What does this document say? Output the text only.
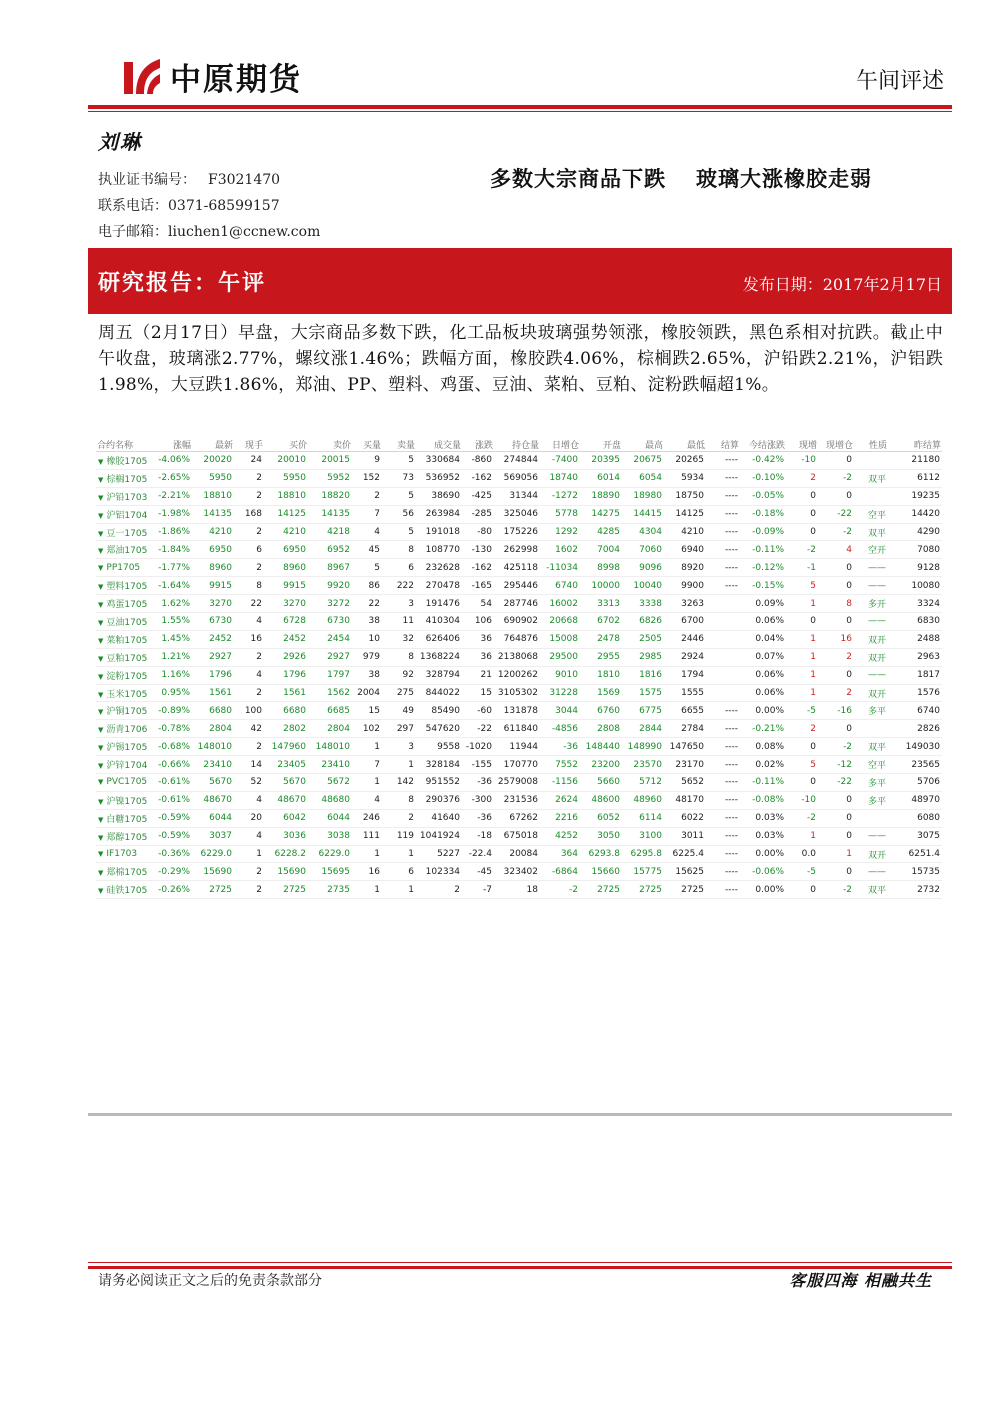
中原期货	午间评述
刘琳
执业证书编号： F3021470
联系电话：0371-68599157
电子邮箱：liuchen1@ccnew.com
多数大宗商品下跌 玻璃大涨橡胶走弱
研究报告：午评	发布日期：2017年2月17日
周五（2月17日）早盘，大宗商品多数下跌，化工品板块玻璃强势领涨，橡胶领跌，黑色系相对抗跌。截止中午收盘，玻璃涨2.77%，螺纹涨1.46%；跌幅方面，橡胶跌4.06%，棕榈跌2.65%，沪铅跌2.21%，沪铝跌1.98%，大豆跌1.86%，郑油、PP、塑料、鸡蛋、豆油、菜粕、豆粕、淀粉跌幅超1%。
合约名称	涨幅	最新	现手	买价	卖价	买量	卖量	成交量	涨跌	持仓量	日增仓	开盘	最高	最低	结算	今结涨跌	现增	现增仓	性质	昨结算
▼ 橡胶1705	-4.06%	20020	24	20010	20015	9	5	330684	-860	274844	-7400	20395	20675	20265	----	-0.42%	-10	0		21180
▼ 棕榈1705	-2.65%	5950	2	5950	5952	152	73	536952	-162	569056	18740	6014	6054	5934	----	-0.10%	2	-2	双平	6112
▼ 沪铅1703	-2.21%	18810	2	18810	18820	2	5	38690	-425	31344	-1272	18890	18980	18750	----	-0.05%	0	0		19235
▼ 沪铝1704	-1.98%	14135	168	14125	14135	7	56	263984	-285	325046	5778	14275	14415	14125	----	-0.18%	0	-22	空平	14420
▼ 豆一1705	-1.86%	4210	2	4210	4218	4	5	191018	-80	175226	1292	4285	4304	4210	----	-0.09%	0	-2	双平	4290
▼ 郑油1705	-1.84%	6950	6	6950	6952	45	8	108770	-130	262998	1602	7004	7060	6940	----	-0.11%	-2	4	空开	7080
▼ PP1705	-1.77%	8960	2	8960	8967	5	6	232628	-162	425118	-11034	8998	9096	8920	----	-0.12%	-1	0	——	9128
▼ 塑料1705	-1.64%	9915	8	9915	9920	86	222	270478	-165	295446	6740	10000	10040	9900	----	-0.15%	5	0	——	10080
▼ 鸡蛋1705	1.62%	3270	22	3270	3272	22	3	191476	54	287746	16002	3313	3338	3263		0.09%	1	8	多开	3324
▼ 豆油1705	1.55%	6730	4	6728	6730	38	11	410304	106	690902	20668	6702	6826	6700		0.06%	0	0	——	6830
▼ 菜粕1705	1.45%	2452	16	2452	2454	10	32	626406	36	764876	15008	2478	2505	2446		0.04%	1	16	双开	2488
▼ 豆粕1705	1.21%	2927	2	2926	2927	979	8	1368224	36	2138068	29500	2955	2985	2924		0.07%	1	2	双开	2963
▼ 淀粉1705	1.16%	1796	4	1796	1797	38	92	328794	21	1200262	9010	1810	1816	1794		0.06%	1	0	——	1817
▼ 玉米1705	0.95%	1561	2	1561	1562	2004	275	844022	15	3105302	31228	1569	1575	1555		0.06%	1	2	双开	1576
▼ 沪铜1705	-0.89%	6680	100	6680	6685	15	49	85490	-60	131878	3044	6760	6775	6655	----	0.00%	-5	-16	多平	6740
▼ 沥青1706	-0.78%	2804	42	2802	2804	102	297	547620	-22	611840	-4856	2808	2844	2784	----	-0.21%	2	0		2826
▼ 沪锡1705	-0.68%	148010	2	147960	148010	1	3	9558	-1020	11944	-36	148440	148990	147650	----	0.08%	0	-2	双平	149030
▼ 沪锌1704	-0.66%	23410	14	23405	23410	7	1	328184	-155	170770	7552	23200	23570	23170	----	0.02%	5	-12	空平	23565
▼ PVC1705	-0.61%	5670	52	5670	5672	1	142	951552	-36	2579008	-1156	5660	5712	5652	----	-0.11%	0	-22	多平	5706
▼ 沪镍1705	-0.61%	48670	4	48670	48680	4	8	290376	-300	231536	2624	48600	48960	48170	----	-0.08%	-10	0	多平	48970
▼ 白糖1705	-0.59%	6044	20	6042	6044	246	2	41640	-36	67262	2216	6052	6114	6022	----	0.03%	-2	0		6080
▼ 郑醇1705	-0.59%	3037	4	3036	3038	111	119	1041924	-18	675018	4252	3050	3100	3011	----	0.03%	1	0	——	3075
▼ IF1703	-0.36%	6229.0	1	6228.2	6229.0	1	1	5227	-22.4	20084	364	6293.8	6295.8	6225.4	----	0.00%	0.0	1	双开	6251.4
▼ 郑棉1705	-0.29%	15690	2	15690	15695	16	6	102334	-45	323402	-6864	15660	15775	15625	----	-0.06%	-5	0	——	15735
▼ 硅铁1705	-0.26%	2725	2	2725	2735	1	1	2	-7	18	-2	2725	2725	2725	----	0.00%	0	-2	双平	2732
请务必阅读正文之后的免责条款部分	客服四海 相融共生
